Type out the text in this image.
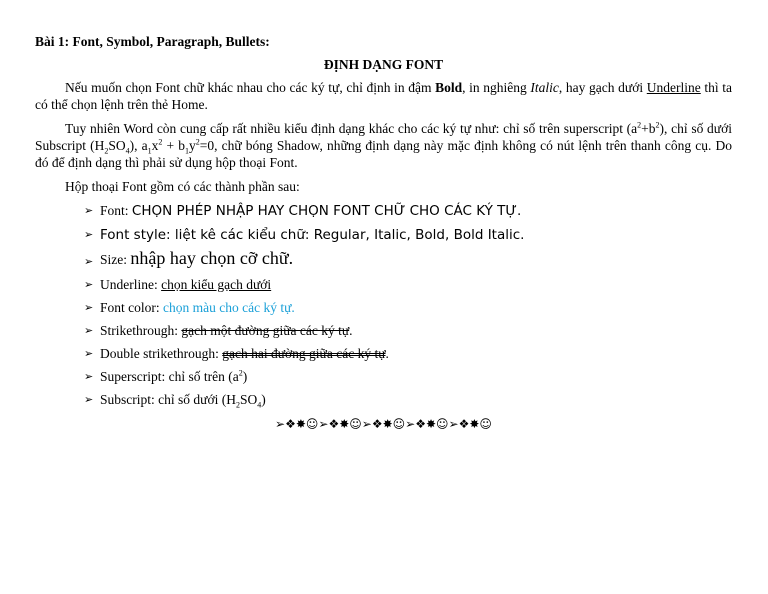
Bài 1: Font, Symbol, Paragraph, Bullets:
ĐỊNH DẠNG FONT

Nếu muốn chọn Font chữ khác nhau cho các ký tự, chỉ định in đậm Bold, in nghiêng Italic, hay gạch dưới Underline thì ta có thể chọn lệnh trên thẻ Home.

Tuy nhiên Word còn cung cấp rất nhiều kiểu định dạng khác cho các ký tự như: chỉ số trên superscript $(a^2+b^2)$, chỉ số dưới Subscript $(H_2SO_4)$, $a_1x^2 + b_1y^2=0$, chữ bóng Shadow, những định dạng này mặc định không có nút lệnh trên thanh công cụ. Do đó để định dạng thì phải sử dụng hộp thoại Font.

Hộp thoại Font gồm có các thành phần sau:

➢ Font: CHỌN PHÉP NHẬP HAY CHỌN FONT CHỮ CHO CÁC KÝ TỰ.
➢ Font style: liệt kê các kiểu chữ: Regular, Italic, Bold, Bold Italic.
➢ Size: nhập hay chọn cỡ chữ.
➢ Underline: chọn kiểu gạch dưới
➢ Font color: chọn màu cho các ký tự.
➢ Strikethrough: gạch một đường giữa các ký tự.
➢ Double strikethrough: gạch hai đường giữa các ký tự.
➢ Superscript: chỉ số trên $(a^2)$
➢ Subscript: chỉ số dưới $(H_2SO_4)$
➢❖✸☺➢❖✸☺➢❖✸☺➢❖✸☺➢❖✸☺
